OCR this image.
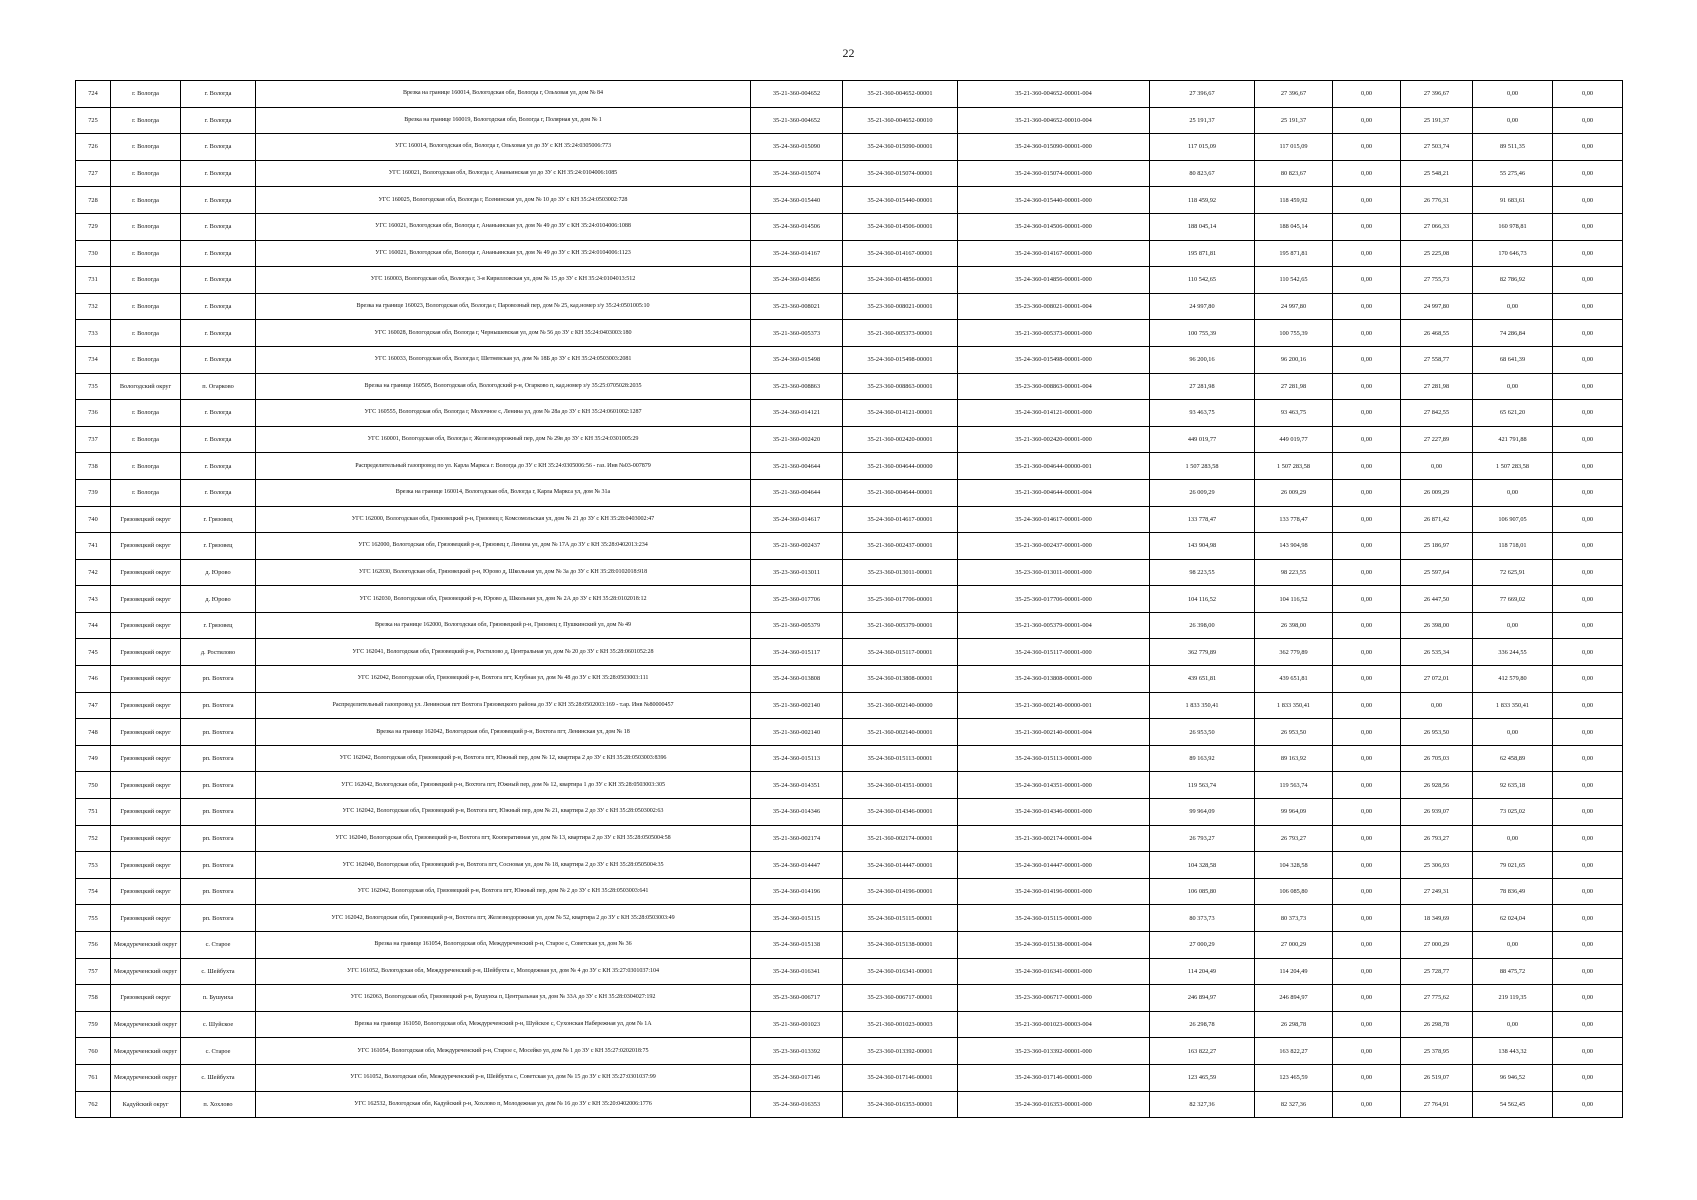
22
724	г. Вологда	г. Вологда	Врезка на границе 160014, Вологодская обл, Вологда г, Ольховая ул, дом № 84	35-21-360-004652	35-21-360-004652-00001	35-21-360-004652-00001-004	27 396,67	27 396,67	0,00	27 396,67	0,00	0,00
725	г. Вологда	г. Вологда	Врезка на границе 160019, Вологодская обл, Вологда г, Полярная ул, дом № 1	35-21-360-004652	35-21-360-004652-00010	35-21-360-004652-00010-004	25 191,37	25 191,37	0,00	25 191,37	0,00	0,00
726	г. Вологда	г. Вологда	УГС 160014, Вологодская обл, Вологда г, Ольховая ул до ЗУ с КН 35:24:0305006:773	35-24-360-015090	35-24-360-015090-00001	35-24-360-015090-00001-000	117 015,09	117 015,09	0,00	27 503,74	89 511,35	0,00
727	г. Вологда	г. Вологда	УГС 160021, Вологодская обл, Вологда г, Ананьинская ул до ЗУ с КН 35:24:0104006:1085	35-24-360-015074	35-24-360-015074-00001	35-24-360-015074-00001-000	80 823,67	80 823,67	0,00	25 548,21	55 275,46	0,00
728	г. Вологда	г. Вологда	УГС 160025, Вологодская обл, Вологда г, Есенинская ул, дом № 10 до ЗУ с КН 35:24:0503002:728	35-24-360-015440	35-24-360-015440-00001	35-24-360-015440-00001-000	118 459,92	118 459,92	0,00	26 776,31	91 683,61	0,00
729	г. Вологда	г. Вологда	УГС 160021, Вологодская обл, Вологда г, Ананьинская ул, дом № 49 до ЗУ с КН 35:24:0104006:1088	35-24-360-014506	35-24-360-014506-00001	35-24-360-014506-00001-000	188 045,14	188 045,14	0,00	27 066,33	160 978,81	0,00
730	г. Вологда	г. Вологда	УГС 160021, Вологодская обл, Вологда г, Ананьинская ул, дом № 49 до ЗУ с КН 35:24:0104006:1123	35-24-360-014167	35-24-360-014167-00001	35-24-360-014167-00001-000	195 871,81	195 871,81	0,00	25 225,08	170 646,73	0,00
731	г. Вологда	г. Вологда	УГС 160003, Вологодская обл, Вологда г, 3-я Кирилловская ул, дом № 15 до ЗУ с КН 35:24:0104013:512	35-24-360-014856	35-24-360-014856-00001	35-24-360-014856-00001-000	110 542,65	110 542,65	0,00	27 755,73	82 786,92	0,00
732	г. Вологда	г. Вологда	Врезка на границе 160023, Вологодская обл, Вологда г, Паровозный пер, дом № 25, кад.номер з/у 35:24:0501005:10	35-23-360-008021	35-23-360-008021-00001	35-23-360-008021-00001-004	24 997,80	24 997,80	0,00	24 997,80	0,00	0,00
733	г. Вологда	г. Вологда	УГС 160028, Вологодская обл, Вологда г, Чернышевская ул, дом № 56 до ЗУ с КН 35:24:0403003:180	35-21-360-005373	35-21-360-005373-00001	35-21-360-005373-00001-000	100 755,39	100 755,39	0,00	26 468,55	74 286,84	0,00
734	г. Вологда	г. Вологда	УГС 160033, Вологодская обл, Вологда г, Шетневская ул, дом № 18Б до ЗУ с КН 35:24:0503003:2081	35-24-360-015498	35-24-360-015498-00001	35-24-360-015498-00001-000	96 200,16	96 200,16	0,00	27 558,77	68 641,39	0,00
735	Вологодский округ	п. Огарково	Врезка на границе 160505, Вологодская обл, Вологодский р-н, Огарково п, кад.номер з/у 35:25:0705028:2035	35-23-360-008863	35-23-360-008863-00001	35-23-360-008863-00001-004	27 281,98	27 281,98	0,00	27 281,98	0,00	0,00
736	г. Вологда	г. Вологда	УГС 160555, Вологодская обл, Вологда г, Молочное с, Ленина ул, дом № 28а до ЗУ с КН 35:24:0601002:1287	35-24-360-014121	35-24-360-014121-00001	35-24-360-014121-00001-000	93 463,75	93 463,75	0,00	27 842,55	65 621,20	0,00
737	г. Вологда	г. Вологда	УГС 160001, Вологодская обл, Вологда г, Железнодорожный пер, дом № 29в до ЗУ с КН 35:24:0301005:29	35-21-360-002420	35-21-360-002420-00001	35-21-360-002420-00001-000	449 019,77	449 019,77	0,00	27 227,89	421 791,88	0,00
738	г. Вологда	г. Вологда	Распределительный газопровод по ул. Карла Маркса г. Вологда до ЗУ с КН 35:24:0305006:56 - газ. Инв №03-007879	35-21-360-004644	35-21-360-004644-00000	35-21-360-004644-00000-001	1 507 283,58	1 507 283,58	0,00	0,00	1 507 283,58	0,00
739	г. Вологда	г. Вологда	Врезка на границе 160014, Вологодская обл, Вологда г, Карла Маркса ул, дом № 31а	35-21-360-004644	35-21-360-004644-00001	35-21-360-004644-00001-004	26 009,29	26 009,29	0,00	26 009,29	0,00	0,00
740	Грязовецкий округ	г. Грязовец	УГС 162000, Вологодская обл, Грязовецкий р-н, Грязовец г, Комсомольская ул, дом № 21 до ЗУ с КН 35:28:0403002:47	35-24-360-014617	35-24-360-014617-00001	35-24-360-014617-00001-000	133 778,47	133 778,47	0,00	26 871,42	106 907,05	0,00
741	Грязовецкий округ	г. Грязовец	УГС 162000, Вологодская обл, Грязовецкий р-н, Грязовец г, Ленина ул, дом № 17А до ЗУ с КН 35:28:0402013:234	35-21-360-002437	35-21-360-002437-00001	35-21-360-002437-00001-000	143 904,98	143 904,98	0,00	25 186,97	118 718,01	0,00
742	Грязовецкий округ	д. Юрово	УГС 162030, Вологодская обл, Грязовецкий р-н, Юрово д, Школьная ул, дом № 3а до ЗУ с КН 35:28:0102018:918	35-23-360-013011	35-23-360-013011-00001	35-23-360-013011-00001-000	98 223,55	98 223,55	0,00	25 597,64	72 625,91	0,00
743	Грязовецкий округ	д. Юрово	УГС 162030, Вологодская обл, Грязовецкий р-н, Юрово д, Школьная ул, дом № 2А до ЗУ с КН 35:28:0102018:12	35-25-360-017706	35-25-360-017706-00001	35-25-360-017706-00001-000	104 116,52	104 116,52	0,00	26 447,50	77 669,02	0,00
744	Грязовецкий округ	г. Грязовец	Врезка на границе 162000, Вологодская обл, Грязовецкий р-н, Грязовец г, Пушкинский ул, дом № 49	35-21-360-005379	35-21-360-005379-00001	35-21-360-005379-00001-004	26 398,00	26 398,00	0,00	26 398,00	0,00	0,00
745	Грязовецкий округ	д. Ростилово	УГС 162041, Вологодская обл, Грязовецкий р-н, Ростилово д, Центральная ул, дом № 20 до ЗУ с КН 35:28:0601052:28	35-24-360-015117	35-24-360-015117-00001	35-24-360-015117-00001-000	362 779,89	362 779,89	0,00	26 535,34	336 244,55	0,00
746	Грязовецкий округ	рп. Вохтога	УГС 162042, Вологодская обл, Грязовецкий р-н, Вохтога пгт, Клубная ул, дом № 48 до ЗУ с КН 35:28:0503003:111	35-24-360-013808	35-24-360-013808-00001	35-24-360-013808-00001-000	439 651,81	439 651,81	0,00	27 072,01	412 579,80	0,00
747	Грязовецкий округ	рп. Вохтога	Распределительный газопровод ул. Ленинская пгт Вохтога Грязовецкого района до ЗУ с КН 35:28:0502003:169 - т.ар. Инв №80000457	35-21-360-002140	35-21-360-002140-00000	35-21-360-002140-00000-001	1 833 350,41	1 833 350,41	0,00	0,00	1 833 350,41	0,00
748	Грязовецкий округ	рп. Вохтога	Врезка на границе 162042, Вологодская обл, Грязовецкий р-н, Вохтога пгт, Ленинская ул, дом № 18	35-21-360-002140	35-21-360-002140-00001	35-21-360-002140-00001-004	26 953,50	26 953,50	0,00	26 953,50	0,00	0,00
749	Грязовецкий округ	рп. Вохтога	УГС 162042, Вологодская обл, Грязовецкий р-н, Вохтога пгт, Южный пер, дом № 12, квартира 2 до ЗУ с КН 35:28:0503003:8396	35-24-360-015113	35-24-360-015113-00001	35-24-360-015113-00001-000	89 163,92	89 163,92	0,00	26 705,03	62 458,89	0,00
750	Грязовецкий округ	рп. Вохтога	УГС 162042, Вологодская обл, Грязовецкий р-н, Вохтога пгт, Южный пер, дом № 12, квартира 1 до ЗУ с КН 35:28:0503003:305	35-24-360-014351	35-24-360-014351-00001	35-24-360-014351-00001-000	119 563,74	119 563,74	0,00	26 928,56	92 635,18	0,00
751	Грязовецкий округ	рп. Вохтога	УГС 162042, Вологодская обл, Грязовецкий р-н, Вохтога пгт, Южный пер, дом № 21, квартира 2 до ЗУ с КН 35:28:0503002:63	35-24-360-014346	35-24-360-014346-00001	35-24-360-014346-00001-000	99 964,09	99 964,09	0,00	26 939,07	73 025,02	0,00
752	Грязовецкий округ	рп. Вохтога	УГС 162040, Вологодская обл, Грязовецкий р-н, Вохтога пгт, Кооперативная ул, дом № 13, квартира 2 до ЗУ с КН 35:28:0505004:58	35-21-360-002174	35-21-360-002174-00001	35-21-360-002174-00001-004	26 793,27	26 793,27	0,00	26 793,27	0,00	0,00
753	Грязовецкий округ	рп. Вохтога	УГС 162040, Вологодская обл, Грязовецкий р-н, Вохтога пгт, Сосновая ул, дом № 18, квартира 2 до ЗУ с КН 35:28:0505004:35	35-24-360-014447	35-24-360-014447-00001	35-24-360-014447-00001-000	104 328,58	104 328,58	0,00	25 306,93	79 021,65	0,00
754	Грязовецкий округ	рп. Вохтога	УГС 162042, Вологодская обл, Грязовецкий р-н, Вохтога пгт, Южный пер, дом № 2 до ЗУ с КН 35:28:0503003:641	35-24-360-014196	35-24-360-014196-00001	35-24-360-014196-00001-000	106 085,80	106 085,80	0,00	27 249,31	78 836,49	0,00
755	Грязовецкий округ	рп. Вохтога	УГС 162042, Вологодская обл, Грязовецкий р-н, Вохтога пгт, Железнодорожная ул, дом № 52, квартира 2 до ЗУ с КН 35:28:0503003:49	35-24-360-015115	35-24-360-015115-00001	35-24-360-015115-00001-000	80 373,73	80 373,73	0,00	18 349,69	62 024,04	0,00
756	Междуреченский округ	с. Старое	Врезка на границе 161054, Вологодская обл, Междуреченский р-н, Старое с, Советская ул, дом № 36	35-24-360-015138	35-24-360-015138-00001	35-24-360-015138-00001-004	27 000,29	27 000,29	0,00	27 000,29	0,00	0,00
757	Междуреченский округ	с. Шейбухта	УГС 161052, Вологодская обл, Междуреченский р-н, Шейбухта с, Молодежная ул, дом № 4 до ЗУ с КН 35:27:0301037:104	35-24-360-016341	35-24-360-016341-00001	35-24-360-016341-00001-000	114 204,49	114 204,49	0,00	25 728,77	88 475,72	0,00
758	Грязовецкий округ	п. Бушуиха	УГС 162063, Вологодская обл, Грязовецкий р-н, Бушуиха п, Центральная ул, дом № 33А до ЗУ с КН 35:28:0304027:192	35-23-360-006717	35-23-360-006717-00001	35-23-360-006717-00001-000	246 894,97	246 894,97	0,00	27 775,62	219 119,35	0,00
759	Междуреченский округ	с. Шуйское	Врезка на границе 161050, Вологодская обл, Междуреченский р-н, Шуйское с, Сухонская Набережная ул, дом № 1А	35-21-360-001023	35-21-360-001023-00003	35-21-360-001023-00003-004	26 298,78	26 298,78	0,00	26 298,78	0,00	0,00
760	Междуреченский округ	с. Старое	УГС 161054, Вологодская обл, Междуреченский р-н, Старое с, Мосейко ул, дом № 1 до ЗУ с КН 35:27:0202018:75	35-23-360-013392	35-23-360-013392-00001	35-23-360-013392-00001-000	163 822,27	163 822,27	0,00	25 378,95	138 443,32	0,00
761	Междуреченский округ	с. Шейбухта	УГС 161052, Вологодская обл, Междуреченский р-н, Шейбухта с, Советская ул, дом № 15 до ЗУ с КН 35:27:0301037:99	35-24-360-017146	35-24-360-017146-00001	35-24-360-017146-00001-000	123 465,59	123 465,59	0,00	26 519,07	96 946,52	0,00
762	Кадуйский округ	п. Хохлово	УГС 162532, Вологодская обл, Кадуйский р-н, Хохлово п, Молодежная ул, дом № 16 до ЗУ с КН 35:20:0402006:1776	35-24-360-016353	35-24-360-016353-00001	35-24-360-016353-00001-000	82 327,36	82 327,36	0,00	27 764,91	54 562,45	0,00
